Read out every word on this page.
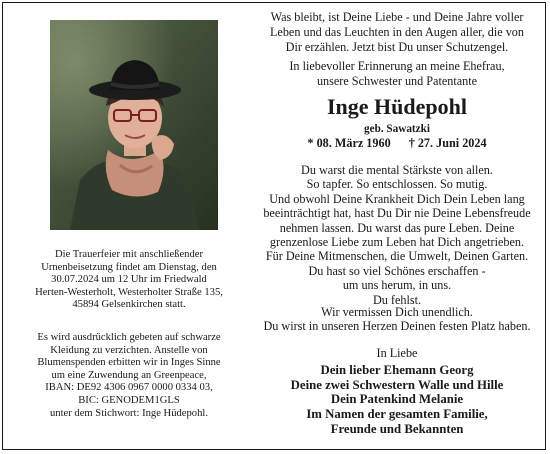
Die Trauerfeier mit anschließender
Urnenbeisetzung findet am Dienstag, den
30.07.2024 um 12 Uhr im Friedwald
Herten-Westerholt, Westerholter Straße 135,
45894 Gelsenkirchen statt.
Es wird ausdrücklich gebeten auf schwarze
Kleidung zu verzichten. Anstelle von
Blumenspenden erbitten wir in Inges Sinne
um eine Zuwendung an Greenpeace,
IBAN: DE92 4306 0967 0000 0334 03,
BIC: GENODEM1GLS
unter dem Stichwort: Inge Hüdepohl.
Was bleibt, ist Deine Liebe - und Deine Jahre voller
Leben und das Leuchten in den Augen aller, die von
Dir erzählen. Jetzt bist Du unser Schutzengel.
In liebevoller Erinnerung an meine Ehefrau,
unsere Schwester und Patentante
Inge Hüdepohl
geb. Sawatzki
* 08. März 1960 † 27. Juni 2024
Du warst die mental Stärkste von allen.
So tapfer. So entschlossen. So mutig.
Und obwohl Deine Krankheit Dich Dein Leben lang
beeinträchtigt hat, hast Du Dir nie Deine Lebensfreude
nehmen lassen. Du warst das pure Leben. Deine
grenzenlose Liebe zum Leben hat Dich angetrieben.
Für Deine Mitmenschen, die Umwelt, Deinen Garten.
Du hast so viel Schönes erschaffen -
um uns herum, in uns.
Du fehlst.
Wir vermissen Dich unendlich.
Du wirst in unseren Herzen Deinen festen Platz haben.
In Liebe
Dein lieber Ehemann Georg
Deine zwei Schwestern Walle und Hille
Dein Patenkind Melanie
Im Namen der gesamten Familie,
Freunde und Bekannten
